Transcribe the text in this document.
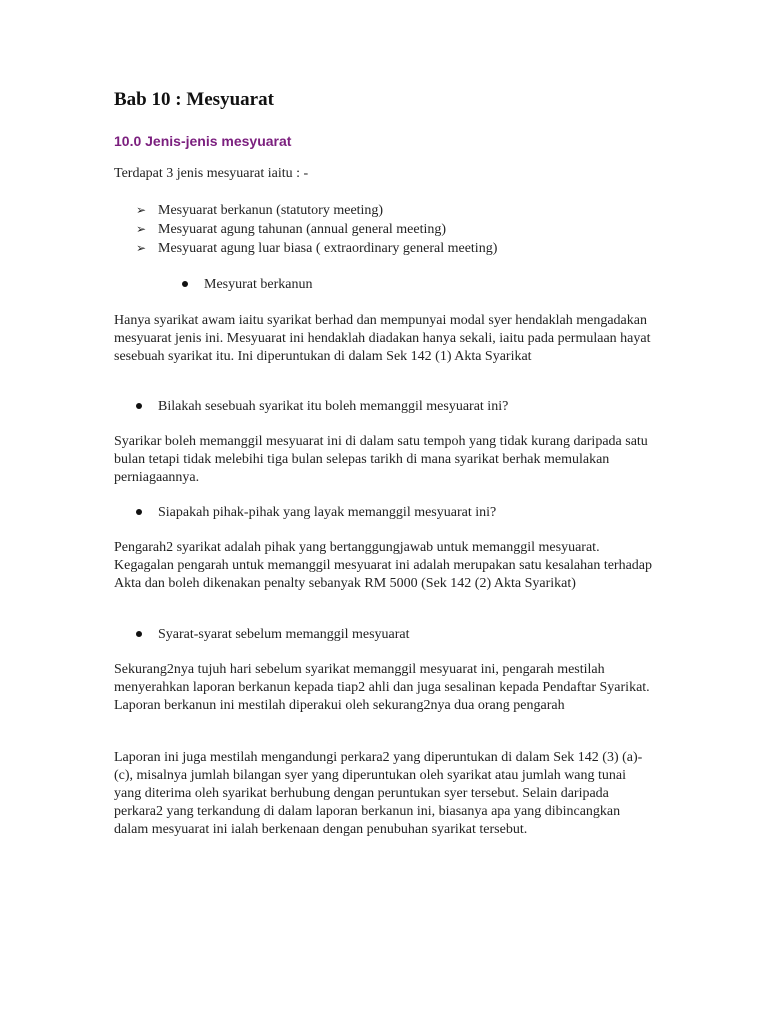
Bab 10 : Mesyuarat
10.0 Jenis-jenis mesyuarat

Terdapat 3 jenis mesyuarat iaitu : -

➢ Mesyuarat berkanun (statutory meeting)
➢ Mesyuarat agung tahunan (annual general meeting)
➢ Mesyuarat agung luar biasa ( extraordinary general meeting)

Mesyurat berkanun

Hanya syarikat awam iaitu syarikat berhad dan mempunyai modal syer hendaklah mengadakan mesyuarat jenis ini. Mesyuarat ini hendaklah diadakan hanya sekali, iaitu pada permulaan hayat sesebuah syarikat itu. Ini diperuntukan di dalam Sek 142 (1) Akta Syarikat

Bilakah sesebuah syarikat itu boleh memanggil mesyuarat ini?

Syarikar boleh memanggil mesyuarat ini di dalam satu tempoh yang tidak kurang daripada satu bulan tetapi tidak melebihi tiga bulan selepas tarikh di mana syarikat berhak memulakan perniagaannya.

Siapakah pihak-pihak yang layak memanggil mesyuarat ini?

Pengarah2 syarikat adalah pihak yang bertanggungjawab untuk memanggil mesyuarat. Kegagalan pengarah untuk memanggil mesyuarat ini adalah merupakan satu kesalahan terhadap Akta dan boleh dikenakan penalty sebanyak RM 5000 (Sek 142 (2) Akta Syarikat)

Syarat-syarat sebelum memanggil mesyuarat

Sekurang2nya tujuh hari sebelum syarikat memanggil mesyuarat ini, pengarah mestilah menyerahkan laporan berkanun kepada tiap2 ahli dan juga sesalinan kepada Pendaftar Syarikat. Laporan berkanun ini mestilah diperakui oleh sekurang2nya dua orang pengarah

Laporan ini juga mestilah mengandungi perkara2 yang diperuntukan di dalam Sek 142 (3) (a)-(c), misalnya jumlah bilangan syer yang diperuntukan oleh syarikat atau jumlah wang tunai yang diterima oleh syarikat berhubung dengan peruntukan syer tersebut. Selain daripada perkara2 yang terkandung di dalam laporan berkanun ini, biasanya apa yang dibincangkan dalam mesyuarat ini ialah berkenaan dengan penubuhan syarikat tersebut.
